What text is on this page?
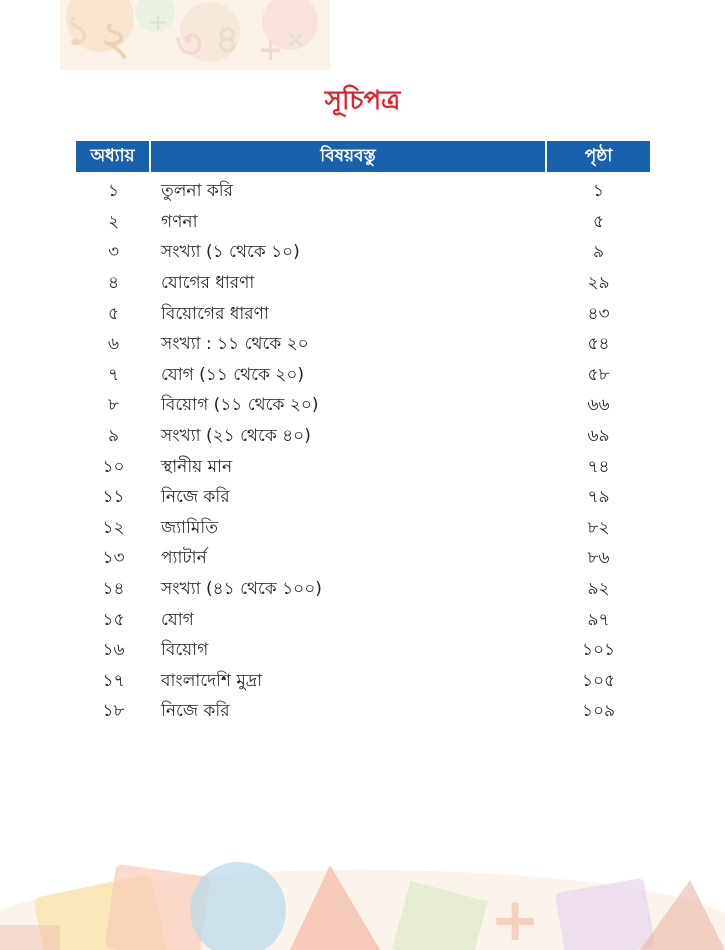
১ ২ ৩ ৪ + ×
+
সূচিপত্র
অধ্যায়	বিষয়বস্তু	পৃষ্ঠা
১	তুলনা করি	১
২	গণনা	৫
৩	সংখ্যা (১ থেকে ১০)	৯
৪	যোগের ধারণা	২৯
৫	বিয়োগের ধারণা	৪৩
৬	সংখ্যা : ১১ থেকে ২০	৫৪
৭	যোগ (১১ থেকে ২০)	৫৮
৮	বিয়োগ (১১ থেকে ২০)	৬৬
৯	সংখ্যা (২১ থেকে ৪০)	৬৯
১০	স্থানীয় মান	৭৪
১১	নিজে করি	৭৯
১২	জ্যামিতি	৮২
১৩	প্যাটার্ন	৮৬
১৪	সংখ্যা (৪১ থেকে ১০০)	৯২
১৫	যোগ	৯৭
১৬	বিয়োগ	১০১
১৭	বাংলাদেশি মুদ্রা	১০৫
১৮	নিজে করি	১০৯
+
